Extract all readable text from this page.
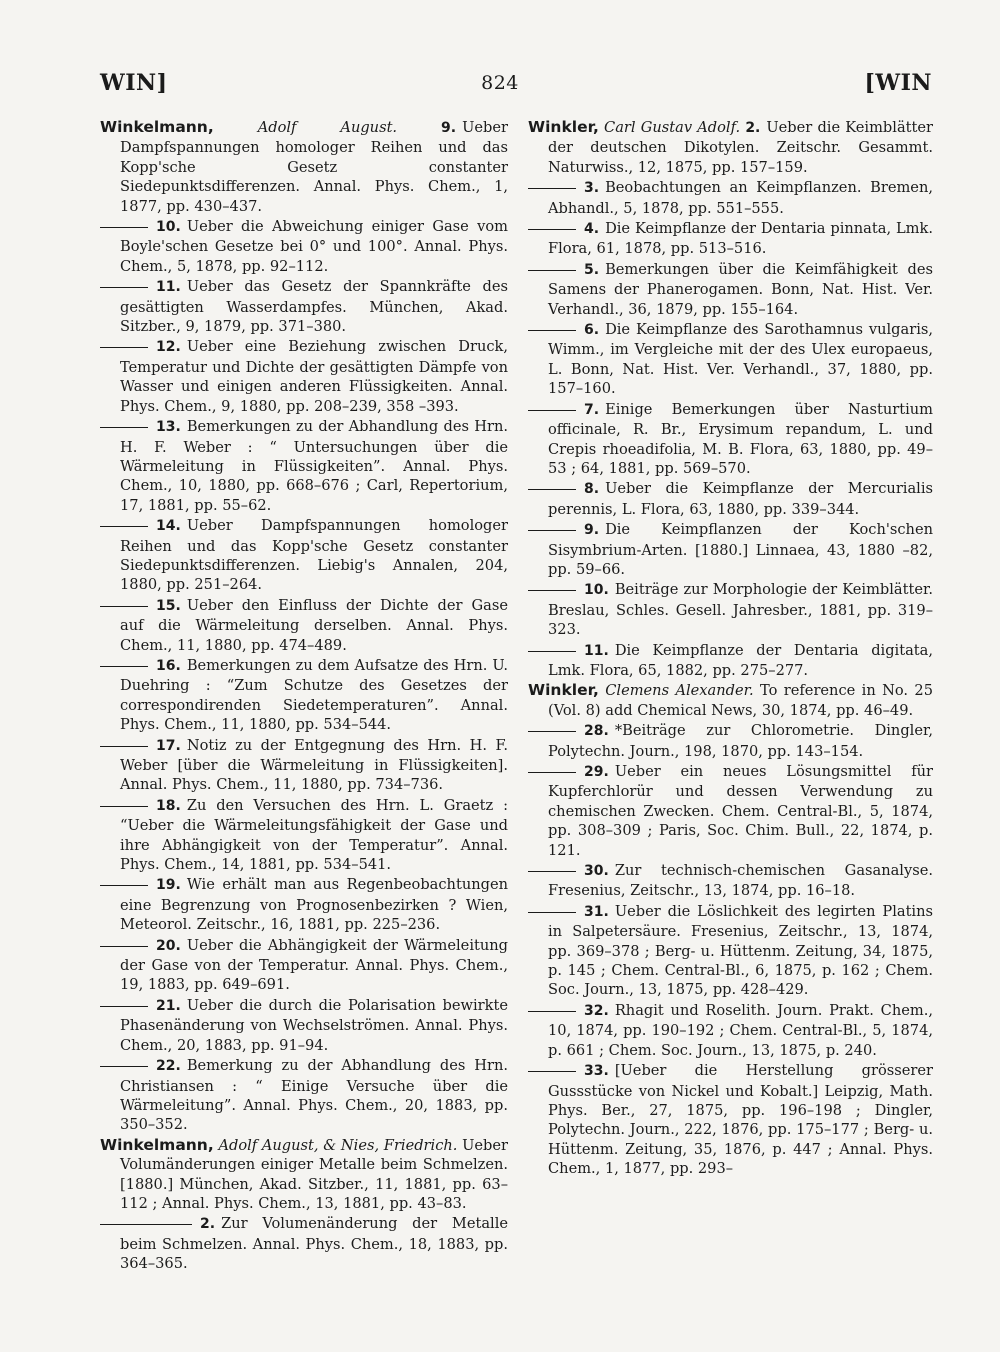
WIN]	824	[WIN

Winkelmann,	Adolf August.	9. Ueber Dampfspannungen homologer Reihen und das Kopp'sche Gesetz constanter Siedepunktsdifferenzen. Annal. Phys. Chem., 1, 1877, pp. 430–437.

10. Ueber die Abweichung einiger Gase vom Boyle'schen Gesetze bei 0° und 100°. Annal. Phys. Chem., 5, 1878, pp. 92–112.

11. Ueber das Gesetz der Spannkräfte des gesättigten Wasserdampfes. München, Akad. Sitzber., 9, 1879, pp. 371–380.

12. Ueber eine Beziehung zwischen Druck, Temperatur und Dichte der gesättigten Dämpfe von Wasser und einigen anderen Flüssigkeiten. Annal. Phys. Chem., 9, 1880, pp. 208–239, 358 –393.

13. Bemerkungen zu der Abhandlung des Hrn. H. F. Weber : “ Untersuchungen über die Wärmeleitung in Flüssigkeiten”. Annal. Phys. Chem., 10, 1880, pp. 668–676 ; Carl, Repertorium, 17, 1881, pp. 55–62.

14. Ueber Dampfspannungen homologer Reihen und das Kopp'sche Gesetz constanter Siedepunktsdifferenzen. Liebig's Annalen, 204, 1880, pp. 251–264.

15. Ueber den Einfluss der Dichte der Gase auf die Wärmeleitung derselben. Annal. Phys. Chem., 11, 1880, pp. 474–489.

16. Bemerkungen zu dem Aufsatze des Hrn. U. Duehring : “Zum Schutze des Gesetzes der correspondirenden Siedetemperaturen”. Annal. Phys. Chem., 11, 1880, pp. 534–544.

17. Notiz zu der Entgegnung des Hrn. H. F. Weber [über die Wärmeleitung in Flüssigkeiten]. Annal. Phys. Chem., 11, 1880, pp. 734–736.

18. Zu den Versuchen des Hrn. L. Graetz : “Ueber die Wärmeleitungsfähigkeit der Gase und ihre Abhängigkeit von der Temperatur”. Annal. Phys. Chem., 14, 1881, pp. 534–541.

19. Wie erhält man aus Regenbeobachtungen eine Begrenzung von Prognosenbezirken ? Wien, Meteorol. Zeitschr., 16, 1881, pp. 225–236.

20. Ueber die Abhängigkeit der Wärmeleitung der Gase von der Temperatur. Annal. Phys. Chem., 19, 1883, pp. 649–691.

21. Ueber die durch die Polarisation bewirkte Phasenänderung von Wechselströmen. Annal. Phys. Chem., 20, 1883, pp. 91–94.

22. Bemerkung zu der Abhandlung des Hrn. Christiansen : “ Einige Versuche über die Wärmeleitung”. Annal. Phys. Chem., 20, 1883, pp. 350–352.

Winkelmann, Adolf August, & Nies, Friedrich. Ueber Volumänderungen einiger Metalle beim Schmelzen. [1880.] München, Akad. Sitzber., 11, 1881, pp. 63–112 ; Annal. Phys. Chem., 13, 1881, pp. 43–83.

2. Zur Volumenänderung der Metalle beim Schmelzen. Annal. Phys. Chem., 18, 1883, pp. 364–365.

Winkler, Carl Gustav Adolf. 2. Ueber die Keimblätter der deutschen Dikotylen. Zeitschr. Gesammt. Naturwiss., 12, 1875, pp. 157–159.

3. Beobachtungen an Keimpflanzen. Bremen, Abhandl., 5, 1878, pp. 551–555.

4. Die Keimpflanze der Dentaria pinnata, Lmk. Flora, 61, 1878, pp. 513–516.

5. Bemerkungen über die Keimfähigkeit des Samens der Phanerogamen. Bonn, Nat. Hist. Ver. Verhandl., 36, 1879, pp. 155–164.

6. Die Keimpflanze des Sarothamnus vulgaris, Wimm., im Vergleiche mit der des Ulex europaeus, L. Bonn, Nat. Hist. Ver. Verhandl., 37, 1880, pp. 157–160.

7. Einige Bemerkungen über Nasturtium officinale, R. Br., Erysimum repandum, L. und Crepis rhoeadifolia, M. B. Flora, 63, 1880, pp. 49–53 ; 64, 1881, pp. 569–570.

8. Ueber die Keimpflanze der Mercurialis perennis, L. Flora, 63, 1880, pp. 339–344.

9. Die Keimpflanzen der Koch'schen Sisymbrium-Arten. [1880.] Linnaea, 43, 1880 –82, pp. 59–66.

10. Beiträge zur Morphologie der Keimblätter. Breslau, Schles. Gesell. Jahresber., 1881, pp. 319–323.

11. Die Keimpflanze der Dentaria digitata, Lmk. Flora, 65, 1882, pp. 275–277.

Winkler, Clemens Alexander. To reference in No. 25 (Vol. 8) add Chemical News, 30, 1874, pp. 46–49.

28. *Beiträge zur Chlorometrie. Dingler, Polytechn. Journ., 198, 1870, pp. 143–154.

29. Ueber ein neues Lösungsmittel für Kupferchlorür und dessen Verwendung zu chemischen Zwecken. Chem. Central-Bl., 5, 1874, pp. 308–309 ; Paris, Soc. Chim. Bull., 22, 1874, p. 121.

30. Zur technisch-chemischen Gasanalyse. Fresenius, Zeitschr., 13, 1874, pp. 16–18.

31. Ueber die Löslichkeit des legirten Platins in Salpetersäure. Fresenius, Zeitschr., 13, 1874, pp. 369–378 ; Berg- u. Hüttenm. Zeitung, 34, 1875, p. 145 ; Chem. Central-Bl., 6, 1875, p. 162 ; Chem. Soc. Journ., 13, 1875, pp. 428–429.

32. Rhagit und Roselith. Journ. Prakt. Chem., 10, 1874, pp. 190–192 ; Chem. Central-Bl., 5, 1874, p. 661 ; Chem. Soc. Journ., 13, 1875, p. 240.

33. [Ueber die Herstellung grösserer Gussstücke von Nickel und Kobalt.] Leipzig, Math. Phys. Ber., 27, 1875, pp. 196–198 ; Dingler, Polytechn. Journ., 222, 1876, pp. 175–177 ; Berg- u. Hüttenm. Zeitung, 35, 1876, p. 447 ; Annal. Phys. Chem., 1, 1877, pp. 293–
